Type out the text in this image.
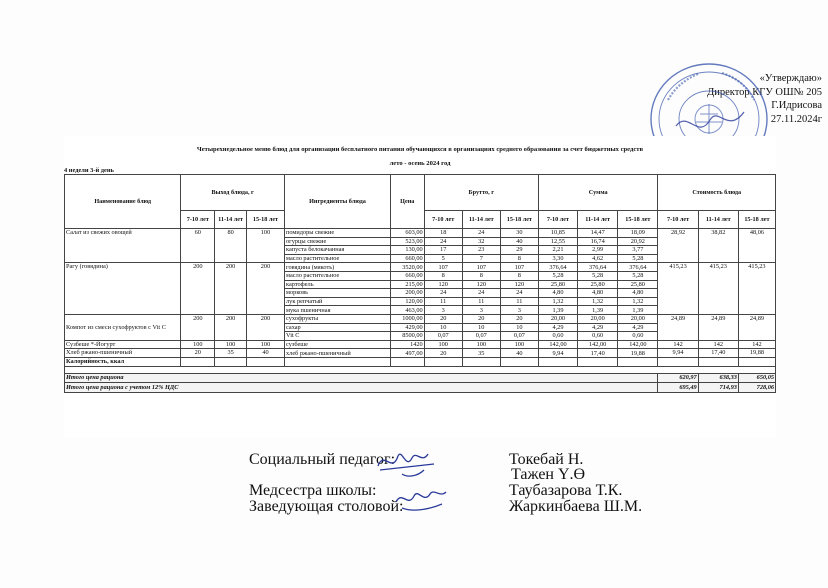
«Утверждаю»
Директор КГУ ОШ№ 205
Г.Идрисова
27.11.2024г
Четырехнедельное меню блюд для организации бесплатного питания обучающихся в организациях среднего образования за счет бюджетных средств
лето - осень 2024 год
4 недели 3-й день
Наименование блюд	Выход блюда, г			Ингредиенты блюда	Цена	Брутто, г			Сумма			Стоимость блюда		
	7-10 лет	11-14 лет	15-18 лет			7-10 лет	11-14 лет	15-18 лет	7-10 лет	11-14 лет	15-18 лет	7-10 лет	11-14 лет	15-18 лет
Салат из свежих овощей	60	80	100	помидоры свежие	603,00	18	24	30	10,85	14,47	18,09	28,92	38,82	48,06
				огурцы свежие	523,00	24	32	40	12,55	16,74	20,92			
				капуста белокачанная	130,00	17	23	29	2,21	2,99	3,77			
				масло растительное	660,00	5	7	8	3,30	4,62	5,28			
Рагу (говядина)	200	200	200	говядина (мякоть)	3520,00	107	107	107	376,64	376,64	376,64	415,23	415,23	415,23
				масло растительное	660,00	8	8	8	5,28	5,28	5,28			
				картофель	215,00	120	120	120	25,80	25,80	25,80			
				морковь	200,00	24	24	24	4,80	4,80	4,80			
				лук репчатый	120,00	11	11	11	1,32	1,32	1,32			
				мука пшеничная	463,00	3	3	3	1,39	1,39	1,39			
Компот из смеси сухофруктов с Vit C	200	200	200	сухофрукты	1000,00	20	20	20	20,00	20,00	20,00	24,89	24,89	24,89
				сахар	429,00	10	10	10	4,29	4,29	4,29			
				Vit C	8500,00	0,07	0,07	0,07	0,60	0,60	0,60			
Сузбеше *-Йогурт	100	100	100	сузбеше	1420	100	100	100	142,00	142,00	142,00	142	142	142
Хлеб ржано-пшеничный	20	35	40	хлеб ржано-пшеничный	497,00	20	35	40	9,94	17,40	19,88	9,94	17,40	19,88
Калорийность, ккал														

Итого цена рациона												620,97	638,33	650,05
Итого цена рациона с учетом 12% НДС												695,49	714,93	728,06
Социальный педагог:	Токебай Н.
Тажен Ү.Ө
Медсестра школы:	Таубазарова Т.К.
Заведующая столовой:	Жаркинбаева Ш.М.
